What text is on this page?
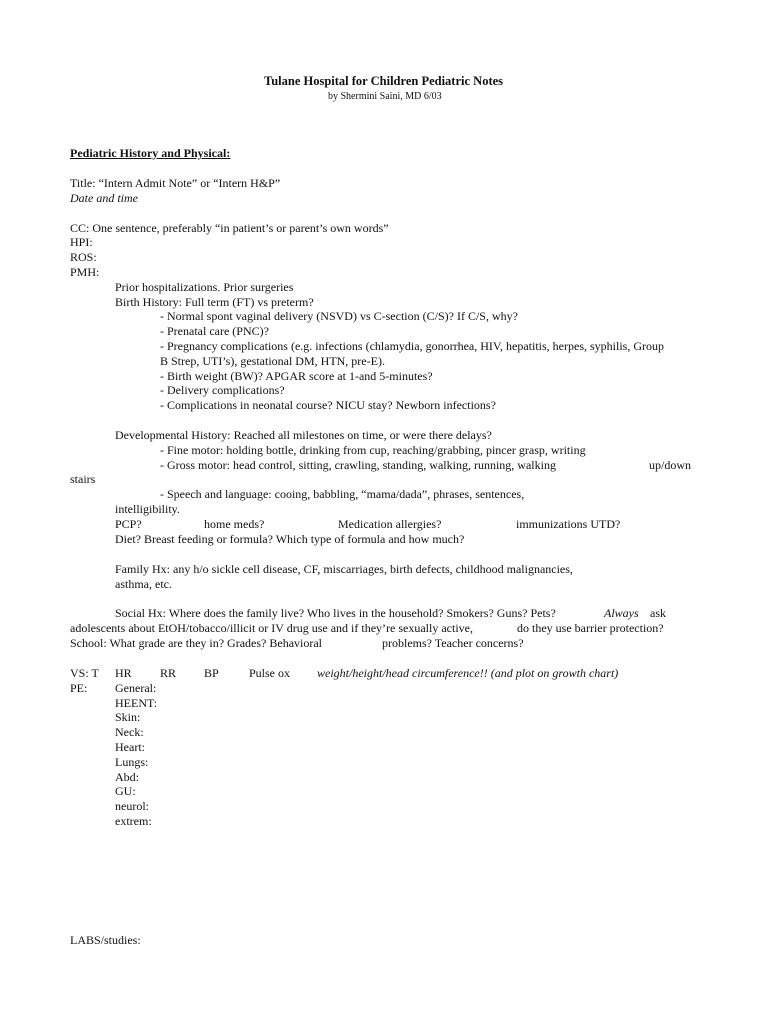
Tulane Hospital for Children Pediatric Notes
by Shermini Saini, MD 6/03
Pediatric History and Physical:
Title: “Intern Admit Note” or “Intern H&P”
Date and time
CC: One sentence, preferably “in patient’s or parent’s own words”
HPI:
ROS:
PMH:
Prior hospitalizations. Prior surgeries
Birth History: Full term (FT) vs preterm?
- Normal spont vaginal delivery (NSVD) vs C-section (C/S)? If C/S, why?
- Prenatal care (PNC)?
- Pregnancy complications (e.g. infections (chlamydia, gonorrhea, HIV, hepatitis, herpes, syphilis, Group
B Strep, UTI’s), gestational DM, HTN, pre-E).
- Birth weight (BW)? APGAR score at 1-and 5-minutes?
- Delivery complications?
- Complications in neonatal course? NICU stay? Newborn infections?
Developmental History: Reached all milestones on time, or were there delays?
- Fine motor: holding bottle, drinking from cup, reaching/grabbing, pincer grasp, writing
- Gross motor: head control, sitting, crawling, standing, walking, running, walking	up/down
stairs
- Speech and language: cooing, babbling, “mama/dada”, phrases, sentences,
intelligibility.
PCP?	home meds?	Medication allergies?	immunizations UTD?
Diet? Breast feeding or formula? Which type of formula and how much?
Family Hx: any h/o sickle cell disease, CF, miscarriages, birth defects, childhood malignancies,
asthma, etc.
Social Hx: Where does the family live? Who lives in the household? Smokers? Guns? Pets?	Always ask
adolescents about EtOH/tobacco/illicit or IV drug use and if they’re sexually active,	do they use barrier protection?
School: What grade are they in? Grades? Behavioral	problems? Teacher concerns?
VS: T HR RR BP	Pulse ox weight/height/head circumference!! (and plot on growth chart)
PE: General:
HEENT:
Skin:
Neck:
Heart:
Lungs:
Abd:
GU:
neurol:
extrem:
LABS/studies:
